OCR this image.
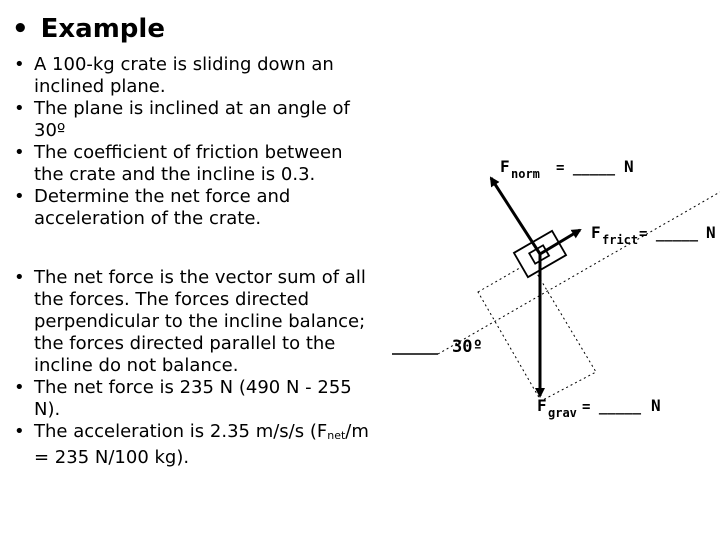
• Example
• A 100-kg crate is sliding down an inclined plane.
• The plane is inclined at an angle of 30º
• The coefficient of friction between the crate and the incline is 0.3.
• Determine the net force and acceleration of the crate.
• The net force is the vector sum of all the forces. The forces directed perpendicular to the incline balance; the forces directed parallel to the incline do not balance.
• The net force is 235 N (490 N - 255 N).
• The acceleration is 2.35 m/s/s ($F_{net}/m = 235$ N/100 kg).
30º
F norm = _____ N
F frict = _____ N
F grav = _____ N
